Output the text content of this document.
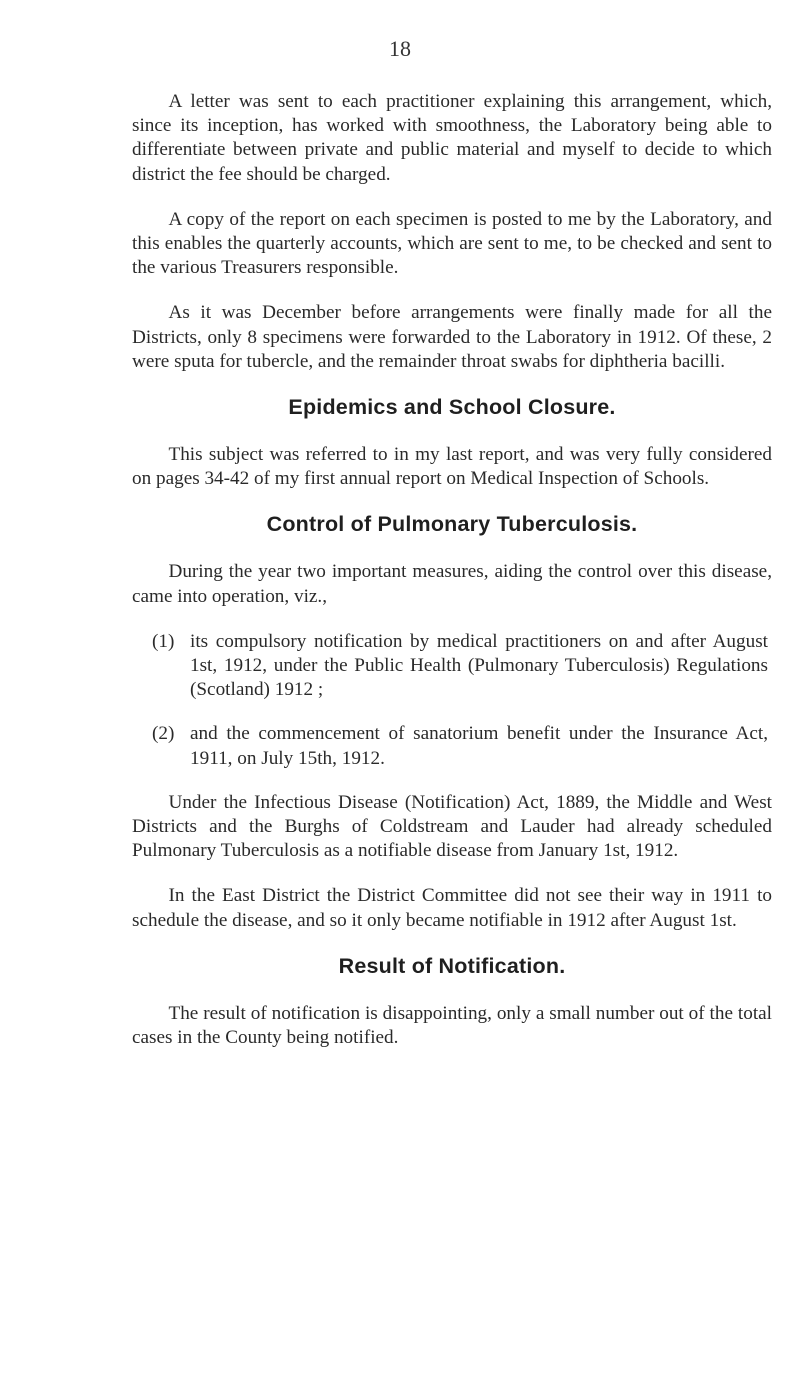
18

A letter was sent to each practitioner explaining this arrangement, which, since its inception, has worked with smoothness, the Laboratory being able to differentiate between private and public material and myself to decide to which district the fee should be charged.

A copy of the report on each specimen is posted to me by the Laboratory, and this enables the quarterly accounts, which are sent to me, to be checked and sent to the various Treasurers responsible.

As it was December before arrangements were finally made for all the Districts, only 8 specimens were forwarded to the Laboratory in 1912. Of these, 2 were sputa for tubercle, and the remainder throat swabs for diphtheria bacilli.

Epidemics and School Closure.

This subject was referred to in my last report, and was very fully considered on pages 34-42 of my first annual report on Medical Inspection of Schools.

Control of Pulmonary Tuberculosis.

During the year two important measures, aiding the control over this disease, came into operation, viz.,

(1) its compulsory notification by medical practitioners on and after August 1st, 1912, under the Public Health (Pulmonary Tuberculosis) Regulations (Scotland) 1912 ;
(2) and the commencement of sanatorium benefit under the Insurance Act, 1911, on July 15th, 1912.

Under the Infectious Disease (Notification) Act, 1889, the Middle and West Districts and the Burghs of Coldstream and Lauder had already scheduled Pulmonary Tuberculosis as a notifiable disease from January 1st, 1912.

In the East District the District Committee did not see their way in 1911 to schedule the disease, and so it only became notifiable in 1912 after August 1st.

Result of Notification.

The result of notification is disappointing, only a small number out of the total cases in the County being notified.
